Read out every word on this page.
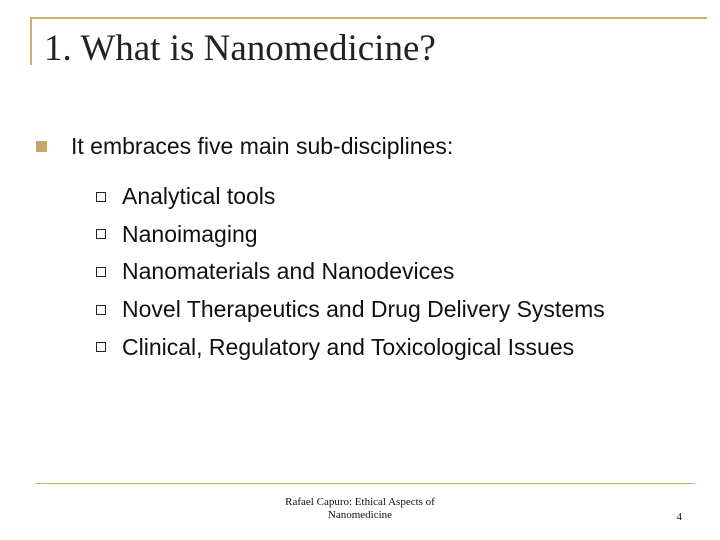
1. What is Nanomedicine?
It embraces five main sub-disciplines:
Analytical tools
Nanoimaging
Nanomaterials and Nanodevices
Novel Therapeutics and Drug Delivery Systems
Clinical, Regulatory and Toxicological Issues
Rafael Capuro: Ethical Aspects of
Nanomedicine	4
